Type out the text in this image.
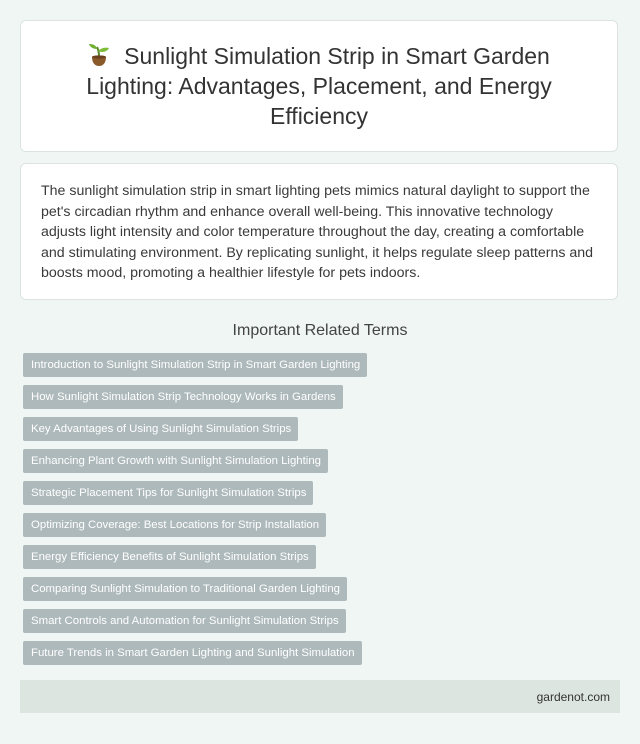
Sunlight Simulation Strip in Smart Garden Lighting: Advantages, Placement, and Energy Efficiency

The sunlight simulation strip in smart lighting pets mimics natural daylight to support the pet's circadian rhythm and enhance overall well-being. This innovative technology adjusts light intensity and color temperature throughout the day, creating a comfortable and stimulating environment. By replicating sunlight, it helps regulate sleep patterns and boosts mood, promoting a healthier lifestyle for pets indoors.

Important Related Terms
Introduction to Sunlight Simulation Strip in Smart Garden Lighting
How Sunlight Simulation Strip Technology Works in Gardens
Key Advantages of Using Sunlight Simulation Strips
Enhancing Plant Growth with Sunlight Simulation Lighting
Strategic Placement Tips for Sunlight Simulation Strips
Optimizing Coverage: Best Locations for Strip Installation
Energy Efficiency Benefits of Sunlight Simulation Strips
Comparing Sunlight Simulation to Traditional Garden Lighting
Smart Controls and Automation for Sunlight Simulation Strips
Future Trends in Smart Garden Lighting and Sunlight Simulation
gardenot.com
